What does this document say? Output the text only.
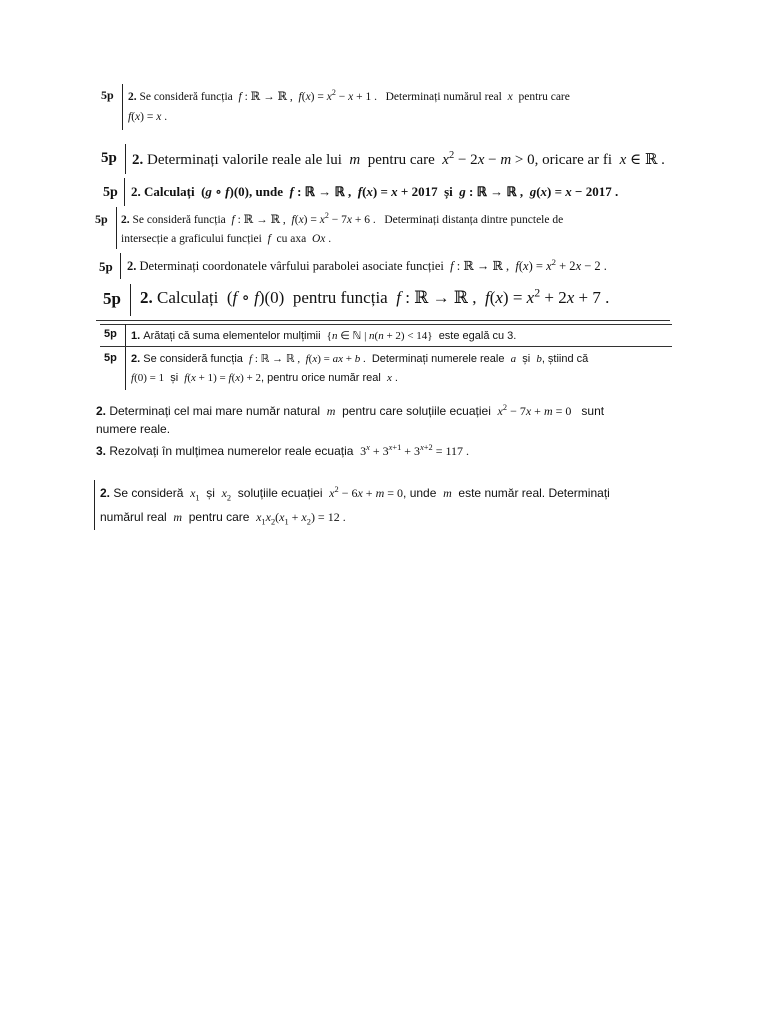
5p 2. Se consideră funcția f : ℝ → ℝ ,  $f(x) = x^2 - x + 1$ .   Determinați numărul real x pentru care
f(x) = x .
5p 2. Determinați valorile reale ale lui m pentru care $x^2 - 2x - m > 0$, oricare ar fi x ∈ ℝ .
5p 2. Calculați  (g ∘ f)(0), unde f : ℝ → ℝ ,  f(x) = x + 2017  și g : ℝ → ℝ ,  g(x) = x − 2017 .
5p 2. Se consideră funcția f : ℝ → ℝ ,  $f(x) = x^2 - 7x + 6$ .   Determinați distanța dintre punctele de
intersecție a graficului funcției f cu axa Ox .
5p 2. Determinați coordonatele vârfului parabolei asociate funcției f : ℝ → ℝ ,  $f(x) = x^2 + 2x - 2$ .
5p 2. Calculați  (f ∘ f)(0)  pentru funcția f : ℝ → ℝ ,  $f(x) = x^2 + 2x + 7$ .
5p
5p
1. Arătați că suma elementelor mulțimii {n ∈ ℕ | n(n + 2) < 14} este egală cu 3.
2. Se consideră funcția f : ℝ → ℝ ,  f(x) = ax + b . Determinați numerele reale a și b, știind că
f(0) = 1 și f(x + 1) = f(x) + 2, pentru orice număr real x .
2. Determinați cel mai mare număr natural m pentru care soluțiile ecuației $x^2 - 7x + m = 0$ sunt
numere reale.
3. Rezolvați în mulțimea numerelor reale ecuația $3^x + 3^{x+1} + 3^{x+2} = 117$ .
2. Se consideră $x_1$ și $x_2$ soluțiile ecuației $x^2 - 6x + m = 0$, unde m este număr real. Determinați
numărul real m pentru care $x_1x_2(x_1 + x_2) = 12$ .
